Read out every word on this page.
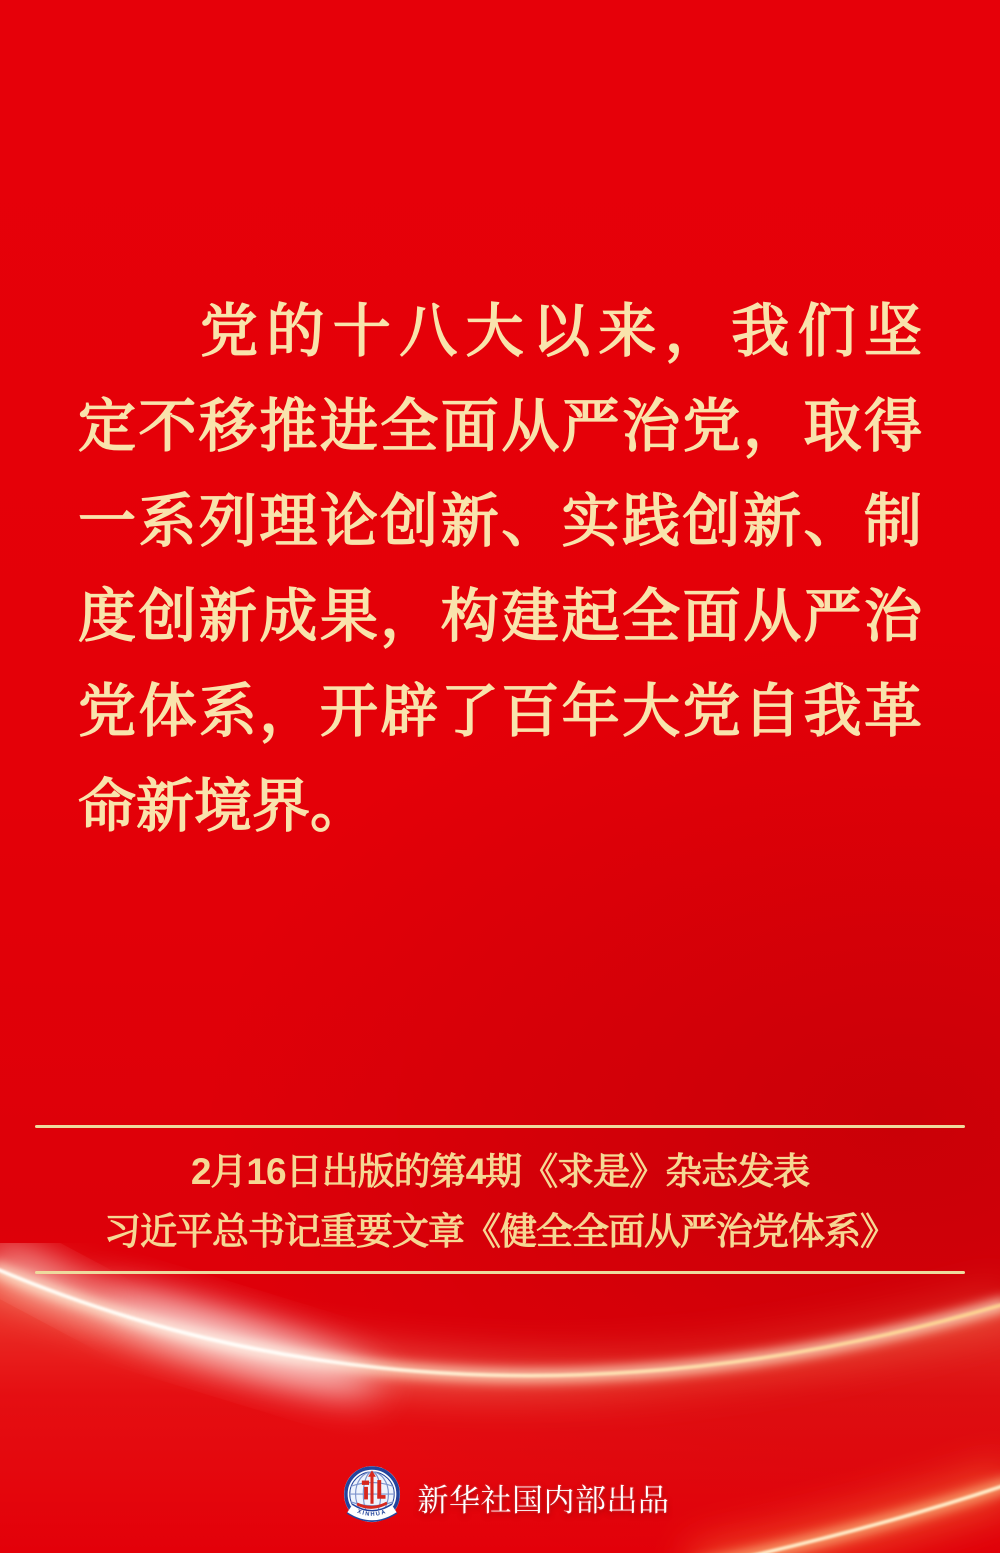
党的十八大以来，我们坚
定不移推进全面从严治党，取得
一系列理论创新、实践创新、制
度创新成果，构建起全面从严治
党体系，开辟了百年大党自我革
命新境界。
2月16日出版的第4期《求是》杂志发表
习近平总书记重要文章《健全全面从严治党体系》
XINHUA 新华社国内部出品
